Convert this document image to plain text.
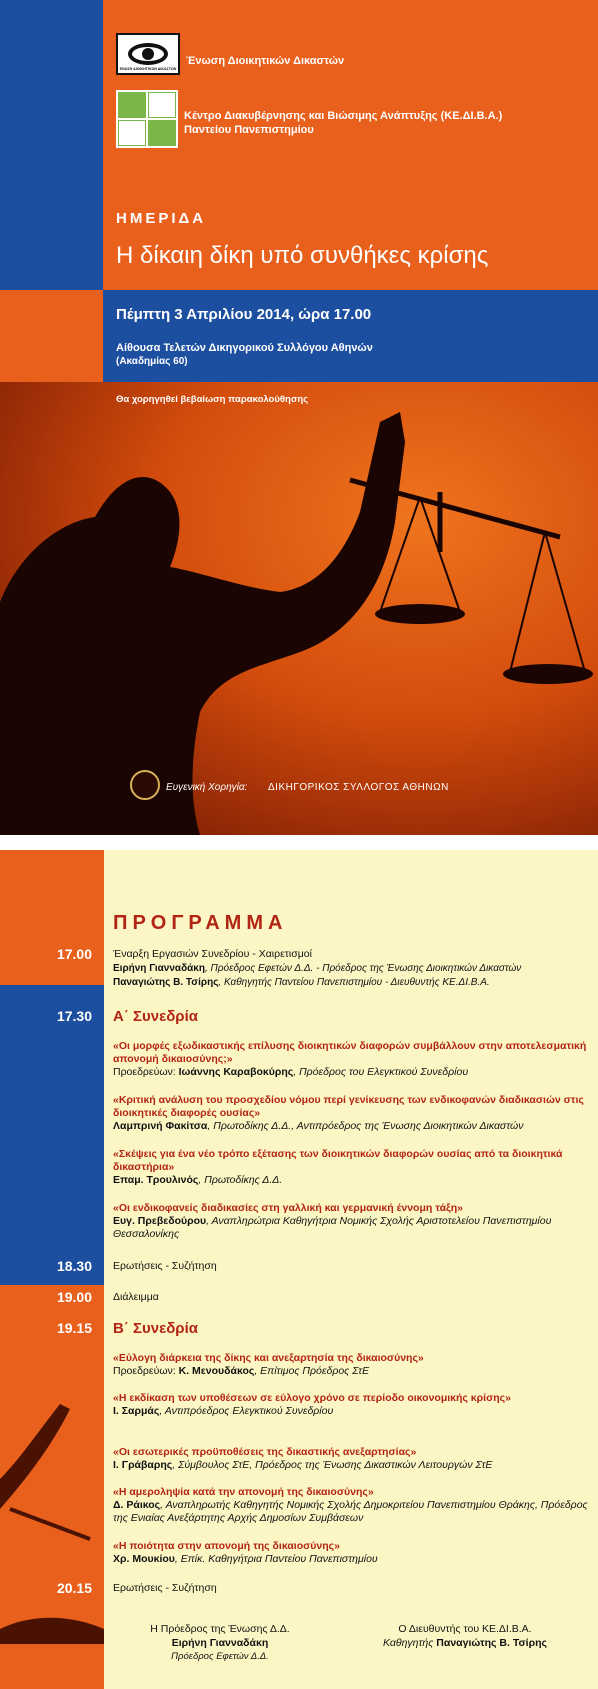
ΕΝΩΣΗ ΔΙΟΙΚΗΤΙΚΩΝ ΔΙΚΑΣΤΩΝ
Ένωση Διοικητικών Δικαστών
Κέντρο Διακυβέρνησης και Βιώσιμης Ανάπτυξης (ΚΕ.ΔΙ.Β.Α.)
Παντείου Πανεπιστημίου
ΗΜΕΡΙΔΑ
Η δίκαιη δίκη υπό συνθήκες κρίσης
Πέμπτη 3 Απριλίου 2014, ώρα 17.00
Αίθουσα Τελετών Δικηγορικού Συλλόγου Αθηνών
(Ακαδημίας 60)
Θα χορηγηθεί βεβαίωση παρακολούθησης
Ευγενική Χορηγία: ΔΙΚΗΓΟΡΙΚΟΣ ΣΥΛΛΟΓΟΣ ΑΘΗΝΩΝ
ΠΡΟΓΡΑΜΜΑ
17.00 Έναρξη Εργασιών Συνεδρίου - Χαιρετισμοί
Ειρήνη Γιανναδάκη, Πρόεδρος Εφετών Δ.Δ. - Πρόεδρος της Ένωσης Διοικητικών Δικαστών
Παναγιώτης Β. Τσίρης, Καθηγητής Παντείου Πανεπιστημίου - Διευθυντής ΚΕ.ΔΙ.Β.Α.
17.30 Α΄ Συνεδρία
«Οι μορφές εξωδικαστικής επίλυσης διοικητικών διαφορών συμβάλλουν στην αποτελεσματική απονομή δικαιοσύνης;»
Προεδρεύων: Ιωάννης Καραβοκύρης, Πρόεδρος του Ελεγκτικού Συνεδρίου
«Κριτική ανάλυση του προσχεδίου νόμου περί γενίκευσης των ενδικοφανών διαδικασιών στις διοικητικές διαφορές ουσίας»
Λαμπρινή Φακίτσα, Πρωτοδίκης Δ.Δ., Αντιπρόεδρος της Ένωσης Διοικητικών Δικαστών
«Σκέψεις για ένα νέο τρόπο εξέτασης των διοικητικών διαφορών ουσίας από τα διοικητικά δικαστήρια»
Επαμ. Τρουλινός, Πρωτοδίκης Δ.Δ.
«Οι ενδικοφανείς διαδικασίες στη γαλλική και γερμανική έννομη τάξη»
Ευγ. Πρεβεδούρου, Αναπληρώτρια Καθηγήτρια Νομικής Σχολής Αριστοτελείου Πανεπιστημίου Θεσσαλονίκης
18.30 Ερωτήσεις - Συζήτηση
19.00 Διάλειμμα
19.15 Β΄ Συνεδρία
«Εύλογη διάρκεια της δίκης και ανεξαρτησία της δικαιοσύνης»
Προεδρεύων: Κ. Μενουδάκος, Επίτιμος Πρόεδρος ΣτΕ
«Η εκδίκαση των υποθέσεων σε εύλογο χρόνο σε περίοδο οικονομικής κρίσης»
Ι. Σαρμάς, Αντιπρόεδρος Ελεγκτικού Συνεδρίου
«Οι εσωτερικές προϋποθέσεις της δικαστικής ανεξαρτησίας»
Ι. Γράβαρης, Σύμβουλος ΣτΕ, Πρόεδρος της Ένωσης Δικαστικών Λειτουργών ΣτΕ
«Η αμεροληψία κατά την απονομή της δικαιοσύνης»
Δ. Ράικος, Αναπληρωτής Καθηγητής Νομικής Σχολής Δημοκριτείου Πανεπιστημίου Θράκης, Πρόεδρος της Ενιαίας Ανεξάρτητης Αρχής Δημοσίων Συμβάσεων
«Η ποιότητα στην απονομή της δικαιοσύνης»
Χρ. Μουκίου, Επίκ. Καθηγήτρια Παντείου Πανεπιστημίου
20.15 Ερωτήσεις - Συζήτηση
Η Πρόεδρος της Ένωσης Δ.Δ.
Ειρήνη Γιανναδάκη
Πρόεδρος Εφετών Δ.Δ.
Ο Διευθυντής του ΚΕ.ΔΙ.Β.Α.
Καθηγητής Παναγιώτης Β. Τσίρης
